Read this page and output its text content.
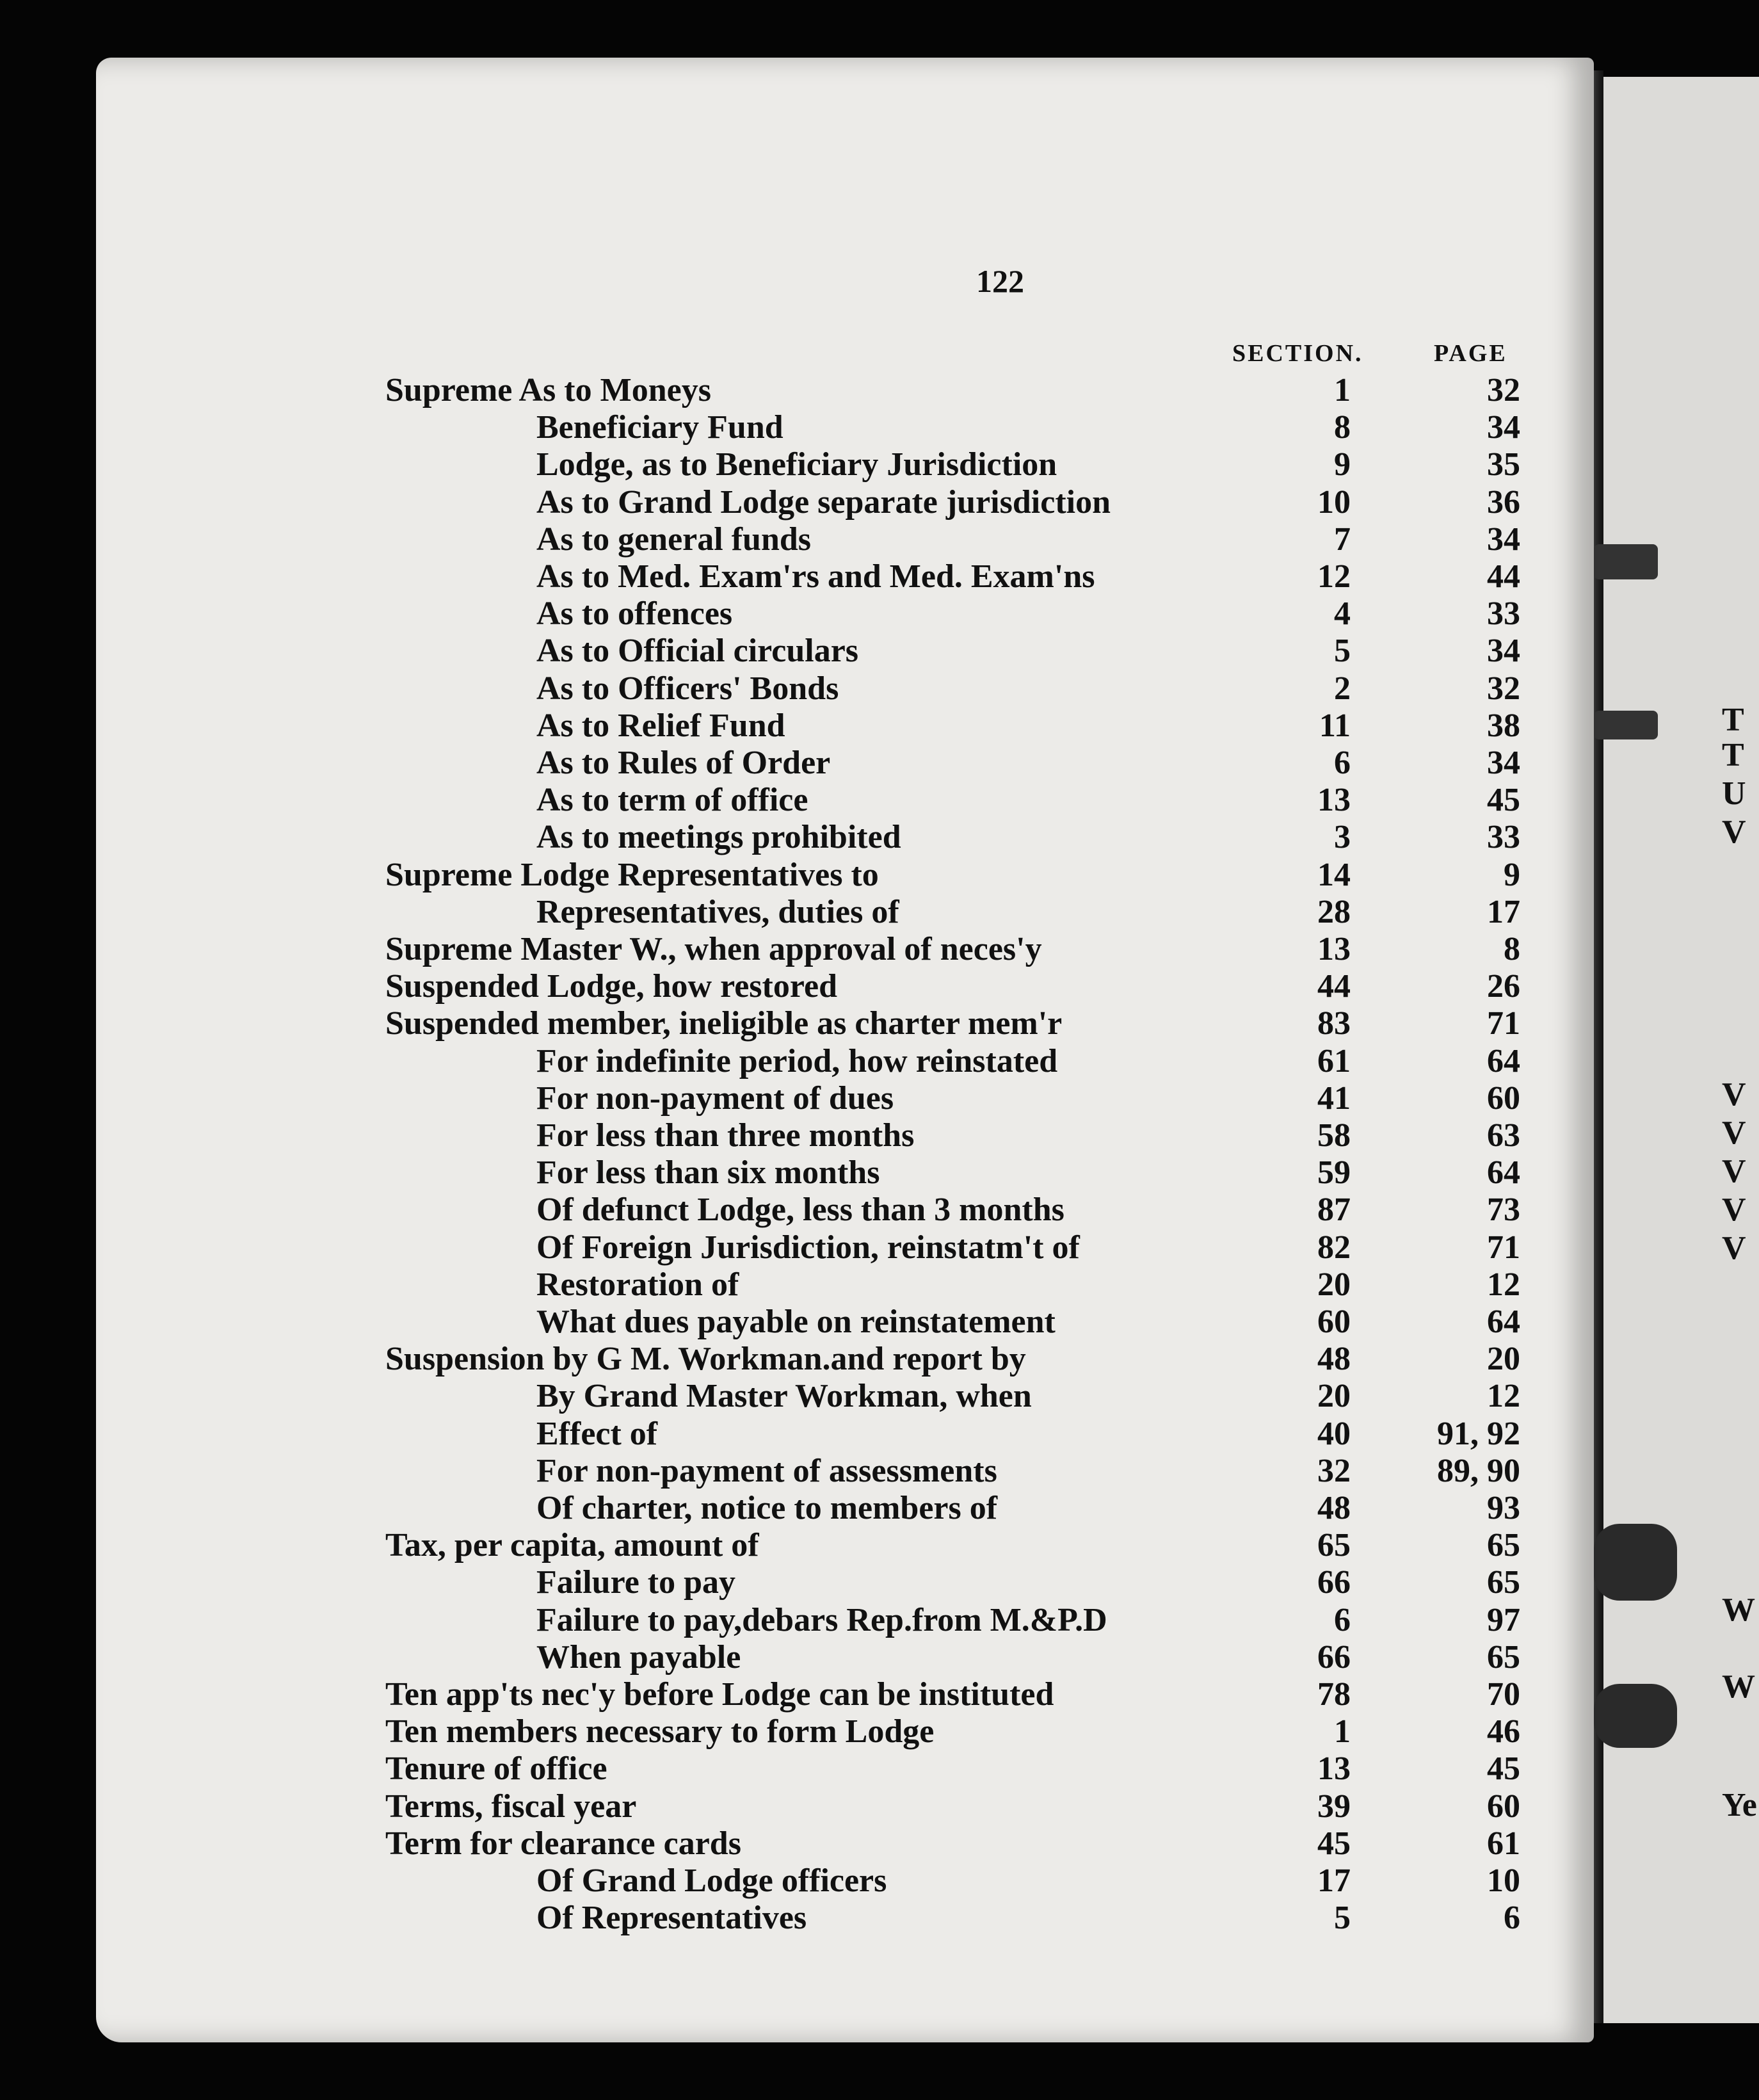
122
SECTION.	PAGE
Supreme As to Moneys	1	32
Beneficiary Fund	8	34
Lodge, as to Beneficiary Jurisdiction	9	35
As to Grand Lodge separate jurisdiction	10	36
As to general funds	7	34
As to Med. Exam'rs and Med. Exam'ns	12	44
As to offences	4	33
As to Official circulars	5	34
As to Officers' Bonds	2	32
As to Relief Fund	11	38
As to Rules of Order	6	34
As to term of office	13	45
As to meetings prohibited	3	33
Supreme Lodge Representatives to	14	9
Representatives, duties of	28	17
Supreme Master W., when approval of neces'y	13	8
Suspended Lodge, how restored	44	26
Suspended member, ineligible as charter mem'r	83	71
For indefinite period, how reinstated	61	64
For non-payment of dues	41	60
For less than three months	58	63
For less than six months	59	64
Of defunct Lodge, less than 3 months	87	73
Of Foreign Jurisdiction, reinstatm't of	82	71
Restoration of	20	12
What dues payable on reinstatement	60	64
Suspension by G M. Workman.and report by	48	20
By Grand Master Workman, when	20	12
Effect of	40	91, 92
For non-payment of assessments	32	89, 90
Of charter, notice to members of	48	93
Tax, per capita, amount of	65	65
Failure to pay	66	65
Failure to pay,debars Rep.from M.&P.D	6	97
When payable	66	65
Ten app'ts nec'y before Lodge can be instituted	78	70
Ten members necessary to form Lodge	1	46
Tenure of office	13	45
Terms, fiscal year	39	60
Term for clearance cards	45	61
Of Grand Lodge officers	17	10
Of Representatives	5	6
T
T
U
V
V
V
V
V
V
W
W
Ye
